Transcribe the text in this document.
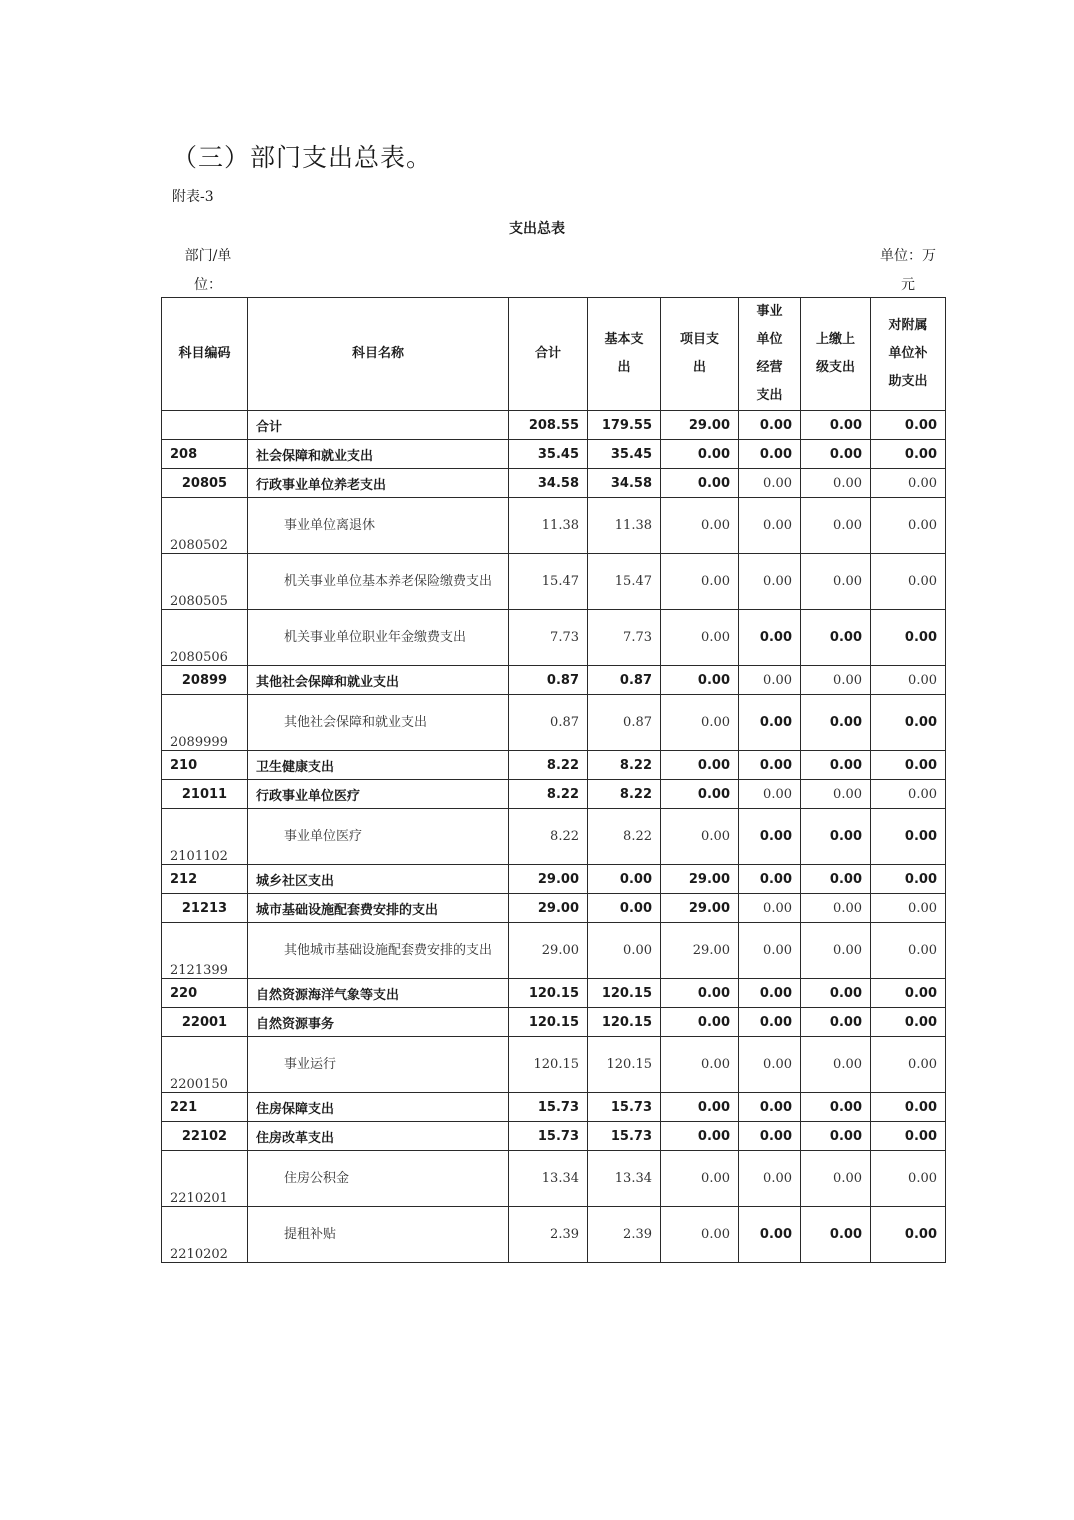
（三）部门支出总表。
附表-3
支出总表
部门/单位：
单位：万元
科目编码	科目名称	合计	基本支出	项目支出	事业单位经营支出	上缴上级支出	对附属单位补助支出
	合计	208.55	179.55	29.00	0.00	0.00	0.00
208	社会保障和就业支出	35.45	35.45	0.00	0.00	0.00	0.00
20805	行政事业单位养老支出	34.58	34.58	0.00	0.00	0.00	0.00
2080502	事业单位离退休	11.38	11.38	0.00	0.00	0.00	0.00
2080505	机关事业单位基本养老保险缴费支出	15.47	15.47	0.00	0.00	0.00	0.00
2080506	机关事业单位职业年金缴费支出	7.73	7.73	0.00	0.00	0.00	0.00
20899	其他社会保障和就业支出	0.87	0.87	0.00	0.00	0.00	0.00
2089999	其他社会保障和就业支出	0.87	0.87	0.00	0.00	0.00	0.00
210	卫生健康支出	8.22	8.22	0.00	0.00	0.00	0.00
21011	行政事业单位医疗	8.22	8.22	0.00	0.00	0.00	0.00
2101102	事业单位医疗	8.22	8.22	0.00	0.00	0.00	0.00
212	城乡社区支出	29.00	0.00	29.00	0.00	0.00	0.00
21213	城市基础设施配套费安排的支出	29.00	0.00	29.00	0.00	0.00	0.00
2121399	其他城市基础设施配套费安排的支出	29.00	0.00	29.00	0.00	0.00	0.00
220	自然资源海洋气象等支出	120.15	120.15	0.00	0.00	0.00	0.00
22001	自然资源事务	120.15	120.15	0.00	0.00	0.00	0.00
2200150	事业运行	120.15	120.15	0.00	0.00	0.00	0.00
221	住房保障支出	15.73	15.73	0.00	0.00	0.00	0.00
22102	住房改革支出	15.73	15.73	0.00	0.00	0.00	0.00
2210201	住房公积金	13.34	13.34	0.00	0.00	0.00	0.00
2210202	提租补贴	2.39	2.39	0.00	0.00	0.00	0.00
